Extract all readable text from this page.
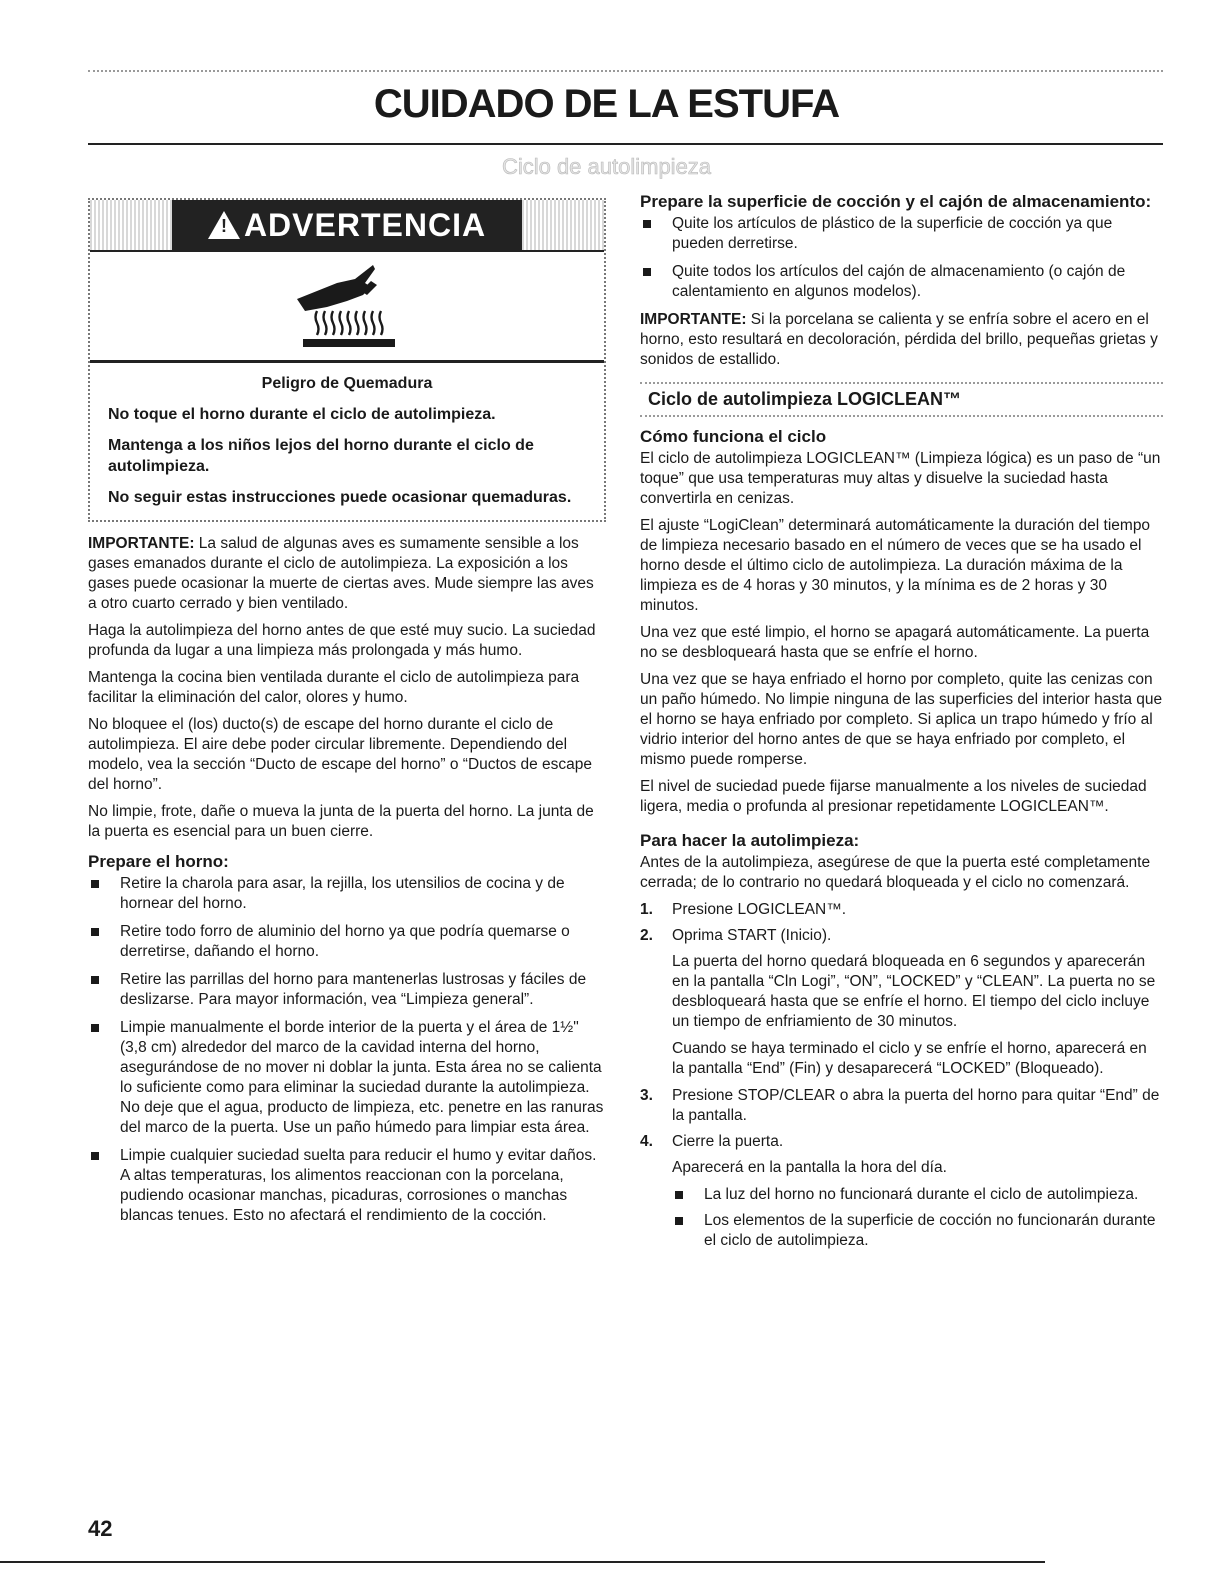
CUIDADO DE LA ESTUFA
Ciclo de autolimpieza
! ADVERTENCIA

Peligro de Quemadura

No toque el horno durante el ciclo de autolimpieza.

Mantenga a los niños lejos del horno durante el ciclo de autolimpieza.

No seguir estas instrucciones puede ocasionar quemaduras.

IMPORTANTE: La salud de algunas aves es sumamente sensible a los gases emanados durante el ciclo de autolimpieza. La exposición a los gases puede ocasionar la muerte de ciertas aves. Mude siempre las aves a otro cuarto cerrado y bien ventilado.

Haga la autolimpieza del horno antes de que esté muy sucio. La suciedad profunda da lugar a una limpieza más prolongada y más humo.

Mantenga la cocina bien ventilada durante el ciclo de autolimpieza para facilitar la eliminación del calor, olores y humo.

No bloquee el (los) ducto(s) de escape del horno durante el ciclo de autolimpieza. El aire debe poder circular libremente. Dependiendo del modelo, vea la sección “Ducto de escape del horno” o “Ductos de escape del horno”.

No limpie, frote, dañe o mueva la junta de la puerta del horno. La junta de la puerta es esencial para un buen cierre.

Prepare el horno:
Retire la charola para asar, la rejilla, los utensilios de cocina y de hornear del horno.
Retire todo forro de aluminio del horno ya que podría quemarse o derretirse, dañando el horno.
Retire las parrillas del horno para mantenerlas lustrosas y fáciles de deslizarse. Para mayor información, vea “Limpieza general”.
Limpie manualmente el borde interior de la puerta y el área de 1½" (3,8 cm) alrededor del marco de la cavidad interna del horno, asegurándose de no mover ni doblar la junta. Esta área no se calienta lo suficiente como para eliminar la suciedad durante la autolimpieza. No deje que el agua, producto de limpieza, etc. penetre en las ranuras del marco de la puerta. Use un paño húmedo para limpiar esta área.
Limpie cualquier suciedad suelta para reducir el humo y evitar daños. A altas temperaturas, los alimentos reaccionan con la porcelana, pudiendo ocasionar manchas, picaduras, corrosiones o manchas blancas tenues. Esto no afectará el rendimiento de la cocción.
Prepare la superficie de cocción y el cajón de almacenamiento:
Quite los artículos de plástico de la superficie de cocción ya que pueden derretirse.
Quite todos los artículos del cajón de almacenamiento (o cajón de calentamiento en algunos modelos).

IMPORTANTE: Si la porcelana se calienta y se enfría sobre el acero en el horno, esto resultará en decoloración, pérdida del brillo, pequeñas grietas y sonidos de estallido.

Ciclo de autolimpieza LOGICLEAN™
Cómo funciona el ciclo

El ciclo de autolimpieza LOGICLEAN™ (Limpieza lógica) es un paso de “un toque” que usa temperaturas muy altas y disuelve la suciedad hasta convertirla en cenizas.

El ajuste “LogiClean” determinará automáticamente la duración del tiempo de limpieza necesario basado en el número de veces que se ha usado el horno desde el último ciclo de autolimpieza. La duración máxima de la limpieza es de 4 horas y 30 minutos, y la mínima es de 2 horas y 30 minutos.

Una vez que esté limpio, el horno se apagará automáticamente. La puerta no se desbloqueará hasta que se enfríe el horno.

Una vez que se haya enfriado el horno por completo, quite las cenizas con un paño húmedo. No limpie ninguna de las superficies del interior hasta que el horno se haya enfriado por completo. Si aplica un trapo húmedo y frío al vidrio interior del horno antes de que se haya enfriado por completo, el mismo puede romperse.

El nivel de suciedad puede fijarse manualmente a los niveles de suciedad ligera, media o profunda al presionar repetidamente LOGICLEAN™.

Para hacer la autolimpieza:

Antes de la autolimpieza, asegúrese de que la puerta esté completamente cerrada; de lo contrario no quedará bloqueada y el ciclo no comenzará.

1. Presione LOGICLEAN™.
2. Oprima START (Inicio).

La puerta del horno quedará bloqueada en 6 segundos y aparecerán en la pantalla “Cln Logi”, “ON”, “LOCKED” y “CLEAN”. La puerta no se desbloqueará hasta que se enfríe el horno. El tiempo del ciclo incluye un tiempo de enfriamiento de 30 minutos.

Cuando se haya terminado el ciclo y se enfríe el horno, aparecerá en la pantalla “End” (Fin) y desaparecerá “LOCKED” (Bloqueado).

3. Presione STOP/CLEAR o abra la puerta del horno para quitar “End” de la pantalla.
4. Cierre la puerta.

Aparecerá en la pantalla la hora del día.

La luz del horno no funcionará durante el ciclo de autolimpieza.
Los elementos de la superficie de cocción no funcionarán durante el ciclo de autolimpieza.
42
